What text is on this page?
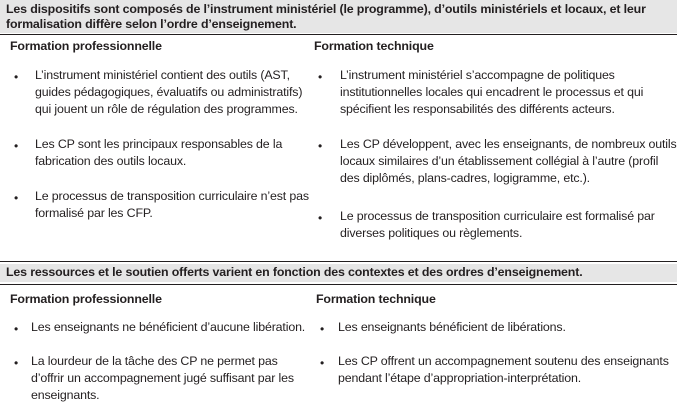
Les dispositifs sont composés de l’instrument ministériel (le programme), d’outils ministériels et locaux, et leur
formalisation diffère selon l’ordre d’enseignement.
Formation professionnelle	Formation technique
• L’instrument ministériel contient des outils (AST,
guides pédagogiques, évaluatifs ou administratifs)
qui jouent un rôle de régulation des programmes.
• Les CP sont les principaux responsables de la
fabrication des outils locaux.
• Le processus de transposition curriculaire n’est pas
formalisé par les CFP.
• L’instrument ministériel s’accompagne de politiques
institutionnelles locales qui encadrent le processus et qui
spécifient les responsabilités des différents acteurs.
• Les CP développent, avec les enseignants, de nombreux outils
locaux similaires d’un établissement collégial à l’autre (profil
des diplômés, plans-cadres, logigramme, etc.).
• Le processus de transposition curriculaire est formalisé par
diverses politiques ou règlements.
Les ressources et le soutien offerts varient en fonction des contextes et des ordres d’enseignement.
Formation professionnelle	Formation technique
• Les enseignants ne bénéficient d’aucune libération.
• La lourdeur de la tâche des CP ne permet pas
d’offrir un accompagnement jugé suffisant par les
enseignants.
• Les enseignants bénéficient de libérations.
• Les CP offrent un accompagnement soutenu des enseignants
pendant l’étape d’appropriation-interprétation.
